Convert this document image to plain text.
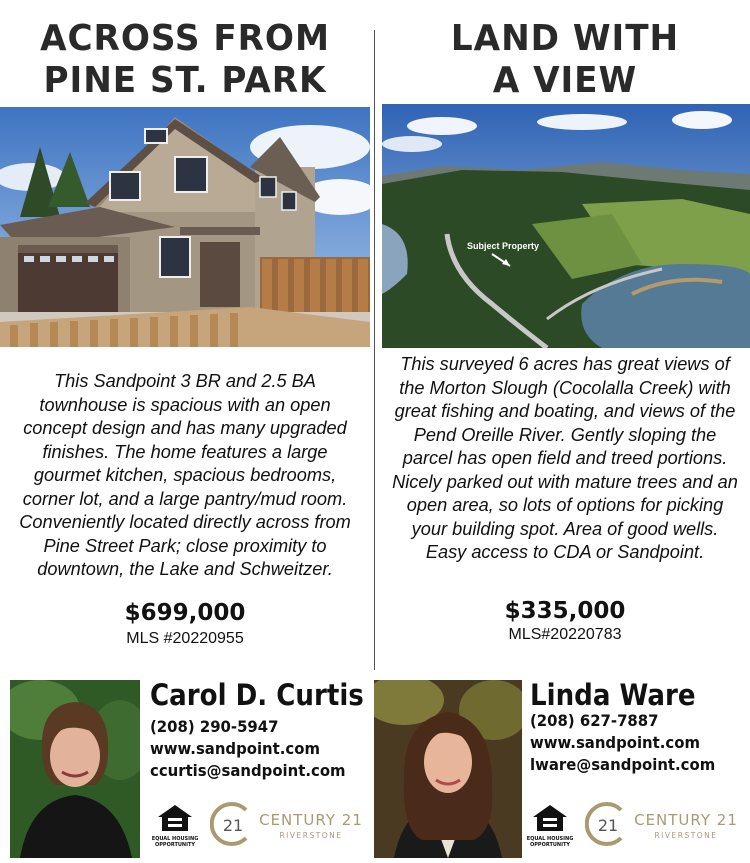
ACROSS FROM
PINE ST. PARK
This Sandpoint 3 BR and 2.5 BA townhouse is spacious with an open concept design and has many upgraded finishes. The home features a large gourmet kitchen, spacious bedrooms, corner lot, and a large pantry/mud room. Conveniently located directly across from Pine Street Park; close proximity to downtown, the Lake and Schweitzer.
$699,000
MLS #20220955
Carol D. Curtis
(208) 290-5947
www.sandpoint.com
ccurtis@sandpoint.com
EQUAL HOUSING OPPORTUNITY
21 CENTURY 21
RIVERSTONE
LAND WITH
A VIEW
Subject Property
This surveyed 6 acres has great views of the Morton Slough (Cocolalla Creek) with great fishing and boating, and views of the Pend Oreille River. Gently sloping the parcel has open field and treed portions. Nicely parked out with mature trees and an open area, so lots of options for picking your building spot. Area of good wells. Easy access to CDA or Sandpoint.
$335,000
MLS#20220783
Linda Ware
(208) 627-7887
www.sandpoint.com
lware@sandpoint.com
EQUAL HOUSING OPPORTUNITY
21 CENTURY 21
RIVERSTONE
